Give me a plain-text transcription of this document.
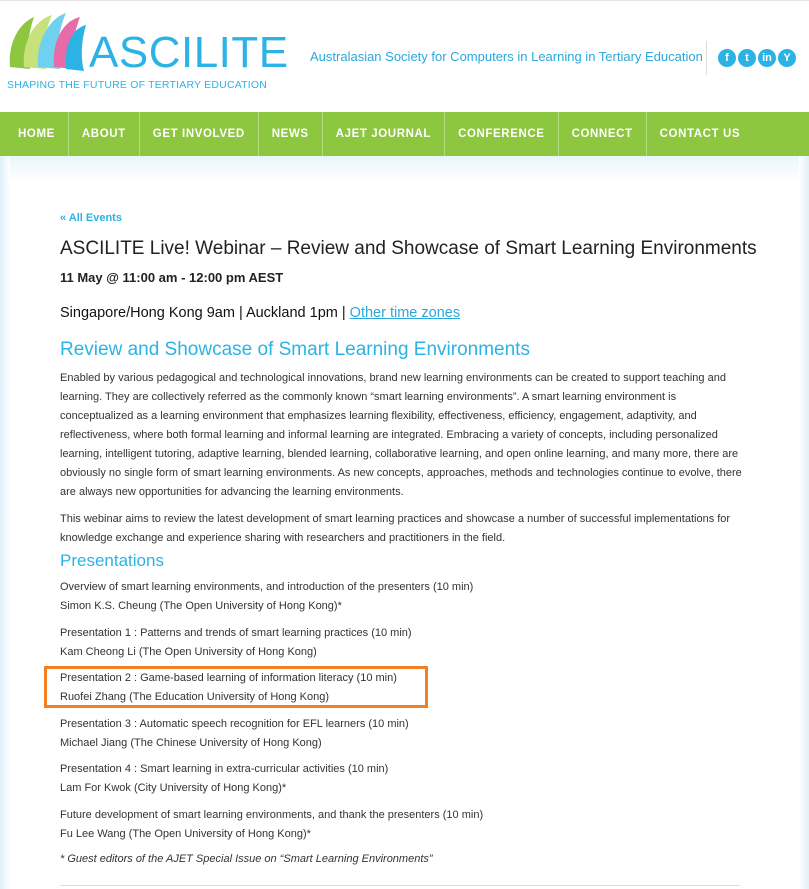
ASCILITE
SHAPING THE FUTURE OF TERTIARY EDUCATION
Australasian Society for Computers in Learning in Tertiary Education	f	t	in	Y
HOME	ABOUT	GET INVOLVED	NEWS	AJET JOURNAL	CONFERENCE	CONNECT	CONTACT US
« All Events
ASCILITE Live! Webinar – Review and Showcase of Smart Learning Environments
11 May @ 11:00 am - 12:00 pm AEST
Singapore/Hong Kong 9am | Auckland 1pm | Other time zones
Review and Showcase of Smart Learning Environments
Enabled by various pedagogical and technological innovations, brand new learning environments can be created to support teaching and learning. They are collectively referred as the commonly known “smart learning environments”. A smart learning environment is conceptualized as a learning environment that emphasizes learning flexibility, effectiveness, efficiency, engagement, adaptivity, and reflectiveness, where both formal learning and informal learning are integrated. Embracing a variety of concepts, including personalized learning, intelligent tutoring, adaptive learning, blended learning, collaborative learning, and open online learning, and many more, there are obviously no single form of smart learning environments. As new concepts, approaches, methods and technologies continue to evolve, there are always new opportunities for advancing the learning environments.
This webinar aims to review the latest development of smart learning practices and showcase a number of successful implementations for knowledge exchange and experience sharing with researchers and practitioners in the field.
Presentations
Overview of smart learning environments, and introduction of the presenters (10 min)
Simon K.S. Cheung (The Open University of Hong Kong)*
Presentation 1 : Patterns and trends of smart learning practices (10 min)
Kam Cheong Li (The Open University of Hong Kong)
Presentation 2 : Game-based learning of information literacy (10 min)
Ruofei Zhang (The Education University of Hong Kong)
Presentation 3 : Automatic speech recognition for EFL learners (10 min)
Michael Jiang (The Chinese University of Hong Kong)
Presentation 4 : Smart learning in extra-curricular activities (10 min)
Lam For Kwok (City University of Hong Kong)*
Future development of smart learning environments, and thank the presenters (10 min)
Fu Lee Wang (The Open University of Hong Kong)*
* Guest editors of the AJET Special Issue on “Smart Learning Environments”
